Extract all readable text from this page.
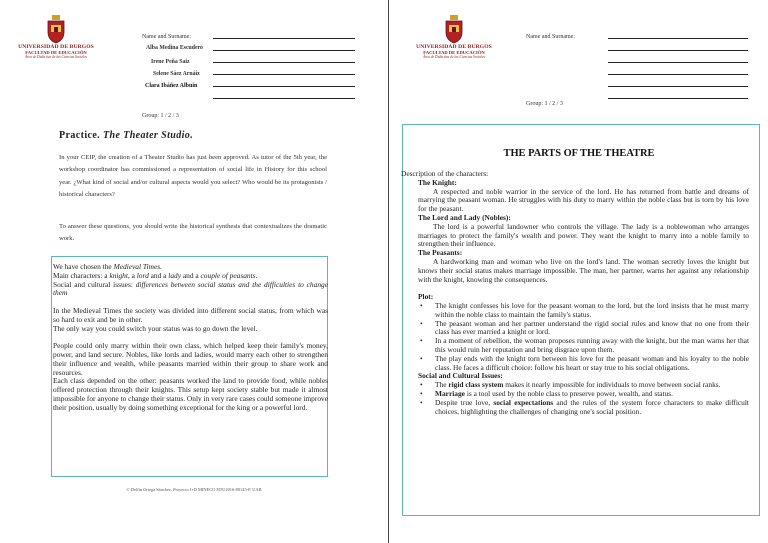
UNIVERSIDAD DE BURGOS
FACULTAD DE EDUCACIÓN
Área de Didáctica de las Ciencias Sociales
Name and Surname:
Alba Medina Escudero
Irene Peña Saiz
Selene Sáez Arnáiz
Clara Ibáñez Albuin
Group: 1 / 2 / 3
Practice. The Theater Studio.
In your CEIP, the creation of a Theater Studio has just been approved. As tutor of the 5th year, the workshop coordinator has commissioned a representation of social life in History for this school year. ¿What kind of social and/or cultural aspects would you select? Who would be its protagonists / historical characters?
To answer these questions, you should write the historical synthesis that contextualizes the dramatic work.

We have chosen the Medieval Times.

Main characters: a knight, a lord and a lady and a couple of peasants.

Social and cultural issues: differences between social status and the difficulties to change them

In the Medieval Times the society was divided into different social status, from which was so hard to exit and be in other.

The only way you could switch your status was to go down the level.

People could only marry within their own class, which helped keep their family's money, power, and land secure. Nobles, like lords and ladies, would marry each other to strengthen their influence and wealth, while peasants married within their group to share work and resources.

Each class depended on the other: peasants worked the land to provide food, while nobles offered protection through their knights. This setup kept society stable but made it almost impossible for anyone to change their status. Only in very rare cases could someone improve their position, usually by doing something exceptional for the king or a powerful lord.

© Delfín Ortega Sánchez. Proyecto I+D MINECO EDU2016-80145-P. UAB
UNIVERSIDAD DE BURGOS
FACULTAD DE EDUCACIÓN
Área de Didáctica de las Ciencias Sociales
Name and Surname:
Group: 1 / 2 / 3
THE PARTS OF THE THEATRE
Description of the characters:
The Knight:
A respected and noble warrior in the service of the lord. He has returned from battle and dreams of marrying the peasant woman. He struggles with his duty to marry within the noble class but is torn by his love for the peasant.
The Lord and Lady (Nobles):
The lord is a powerful landowner who controls the village. The lady is a noblewoman who arranges marriages to protect the family's wealth and power. They want the knight to marry into a noble family to strengthen their influence.
The Peasants:
A hardworking man and woman who live on the lord's land. The woman secretly loves the knight but knows their social status makes marriage impossible. The man, her partner, warns her against any relationship with the knight, knowing the consequences.
Plot:
• The knight confesses his love for the peasant woman to the lord, but the lord insists that he must marry within the noble class to maintain the family's status.
• The peasant woman and her partner understand the rigid social rules and know that no one from their class has ever married a knight or lord.
• In a moment of rebellion, the woman proposes running away with the knight, but the man warns her that this would ruin her reputation and bring disgrace upon them.
• The play ends with the knight torn between his love for the peasant woman and his loyalty to the noble class. He faces a difficult choice: follow his heart or stay true to his social obligations.
Social and Cultural Issues:
• The rigid class system makes it nearly impossible for individuals to move between social ranks.
• Marriage is a tool used by the noble class to preserve power, wealth, and status.
• Despite true love, social expectations and the rules of the system force characters to make difficult choices, highlighting the challenges of changing one's social position.
